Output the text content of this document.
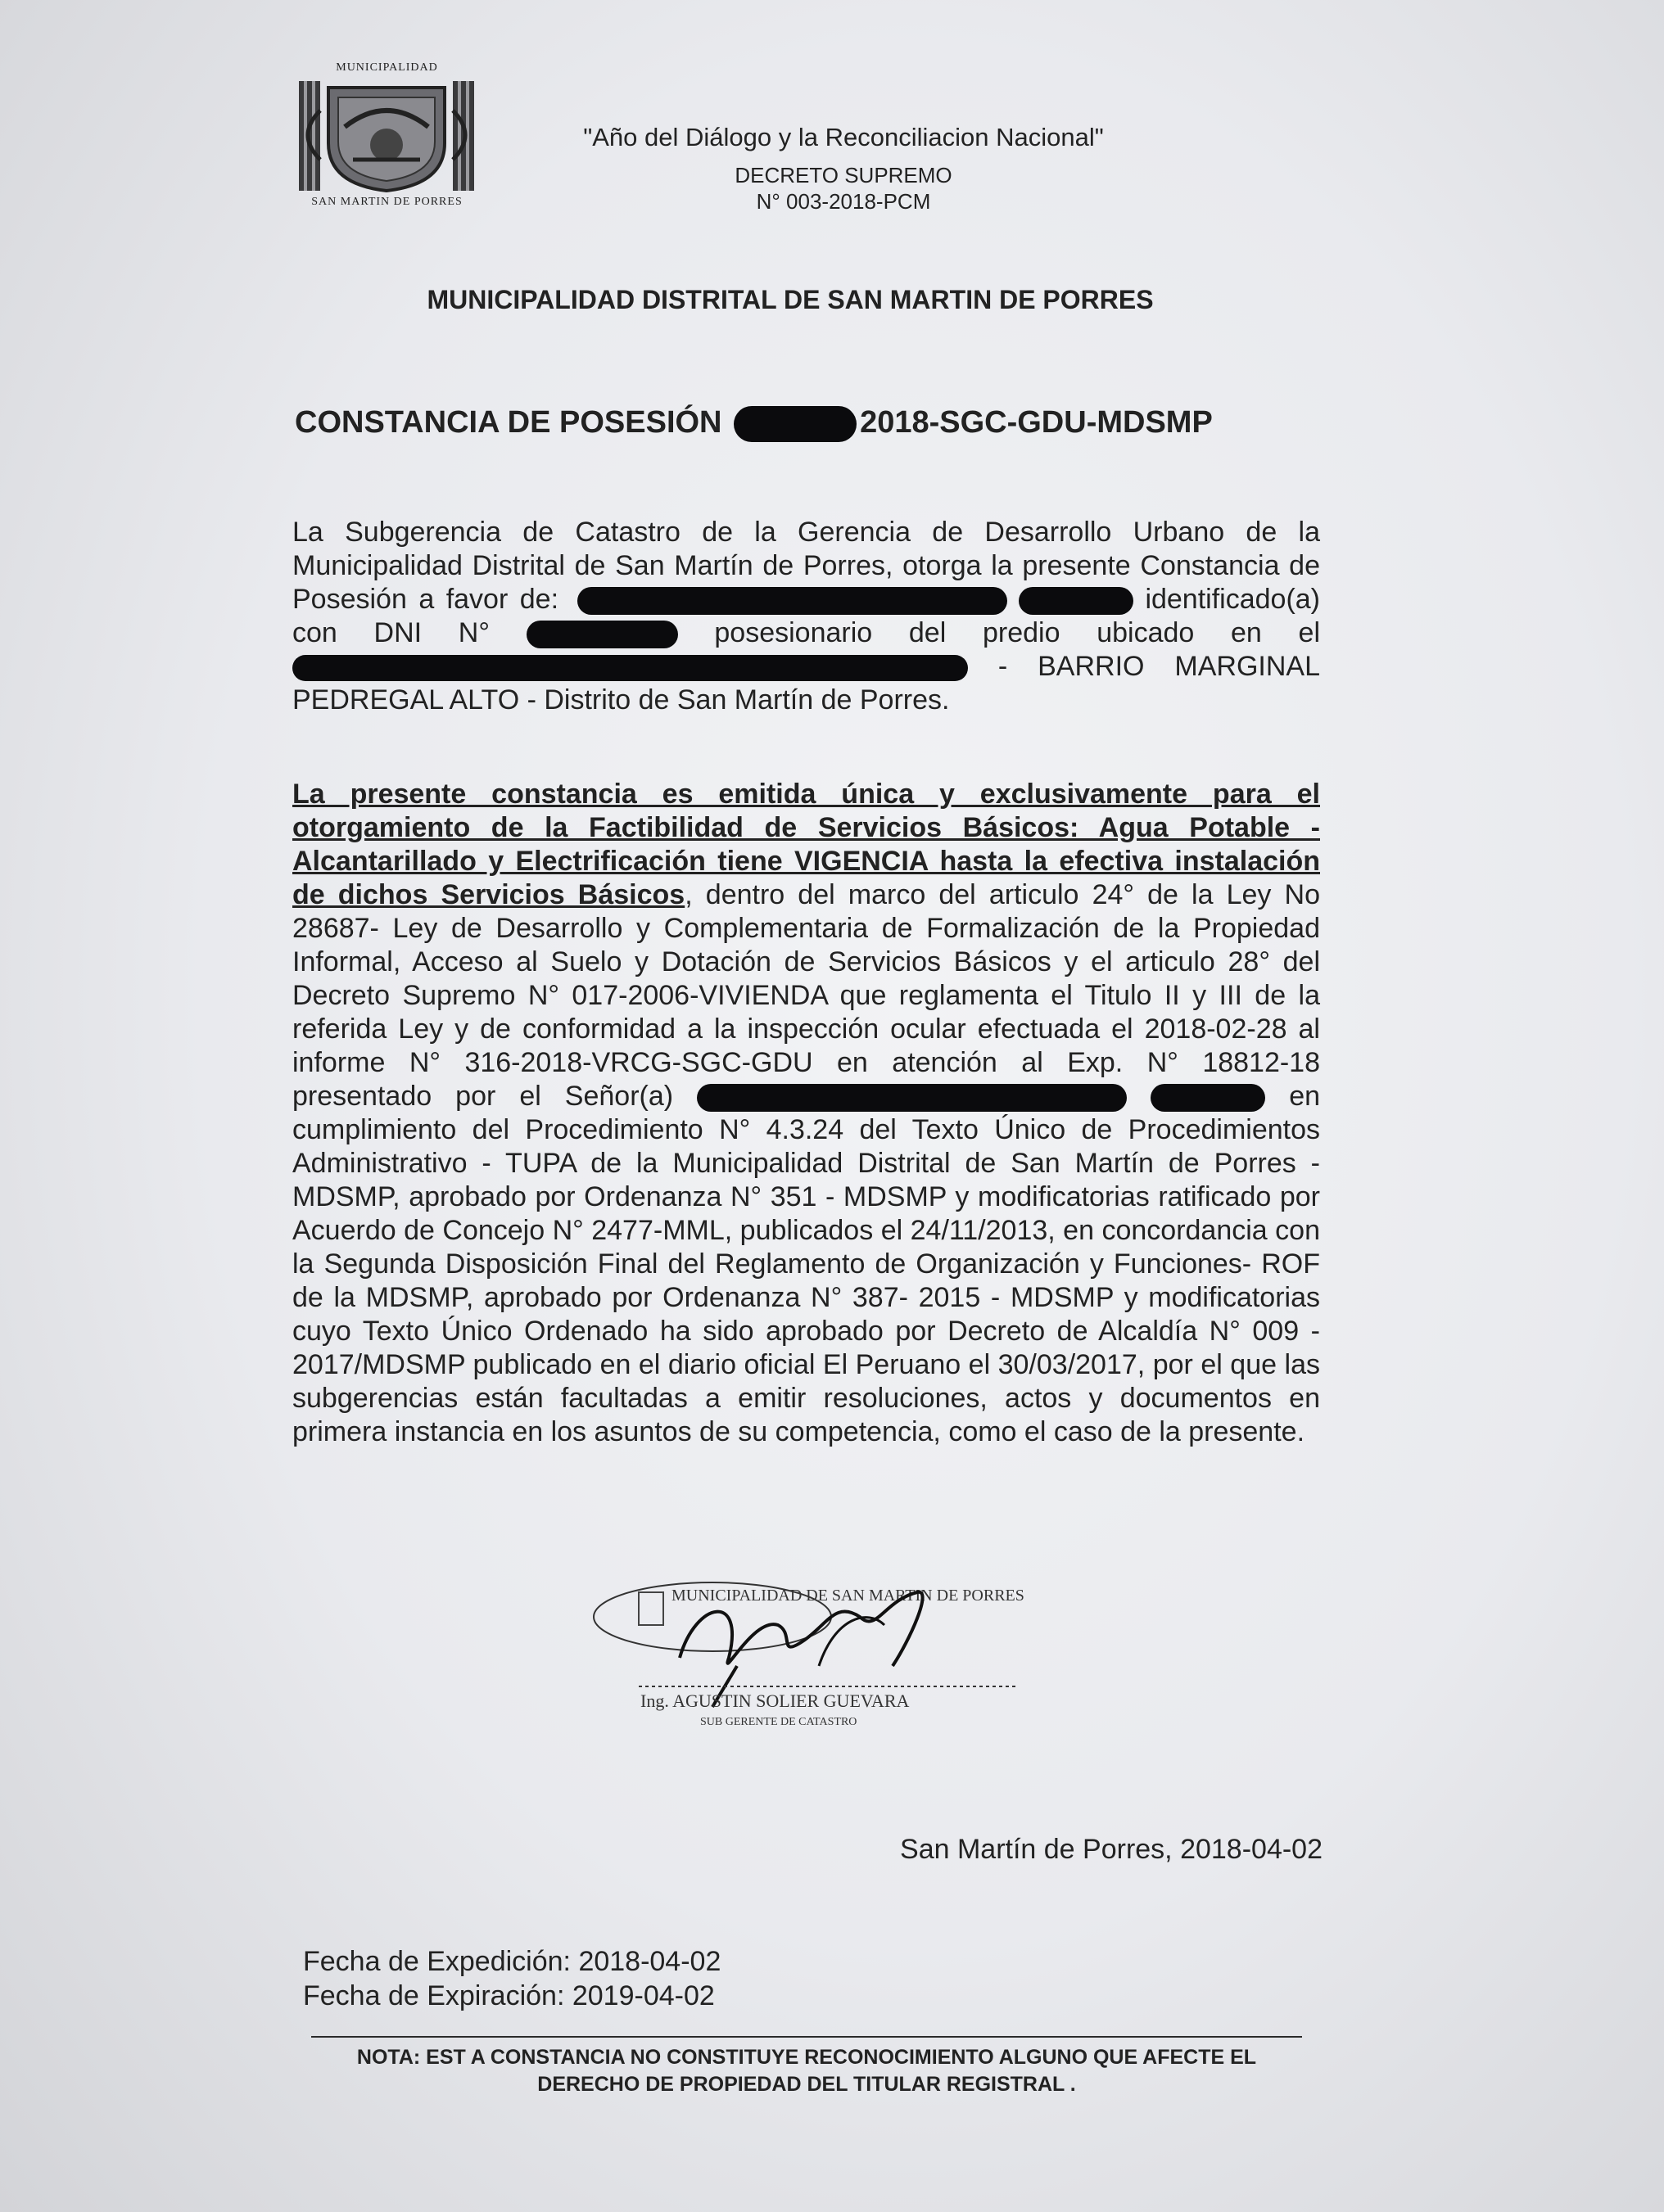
MUNICIPALIDAD
SAN MARTIN DE PORRES
"Año del Diálogo y la Reconciliacion Nacional"
DECRETO SUPREMO
N° 003-2018-PCM
MUNICIPALIDAD DISTRITAL DE SAN MARTIN DE PORRES
CONSTANCIA DE POSESIÓN	2018-SGC-GDU-MDSMP
La Subgerencia de Catastro de la Gerencia de Desarrollo Urbano de la Municipalidad Distrital de San Martín de Porres, otorga la presente Constancia de Posesión a favor de:	identificado(a) con DNI N°	posesionario del predio ubicado en el  - BARRIO MARGINAL PEDREGAL ALTO - Distrito de San Martín de Porres.
La presente constancia es emitida única y exclusivamente para el otorgamiento de la Factibilidad de Servicios Básicos: Agua Potable - Alcantarillado y Electrificación tiene VIGENCIA hasta la efectiva instalación de dichos Servicios Básicos, dentro del marco del articulo 24° de la Ley No 28687- Ley de Desarrollo y Complementaria de Formalización de la Propiedad Informal, Acceso al Suelo y Dotación de Servicios Básicos y el articulo 28° del Decreto Supremo N° 017-2006-VIVIENDA que reglamenta el Titulo II y III de la referida Ley y de conformidad a la inspección ocular efectuada el 2018-02-28 al informe N° 316-2018-VRCG-SGC-GDU en atención al Exp. N° 18812-18 presentado por el Señor(a)	en cumplimiento del Procedimiento N° 4.3.24 del Texto Único de Procedimientos Administrativo - TUPA de la Municipalidad Distrital de San Martín de Porres - MDSMP, aprobado por Ordenanza N° 351 - MDSMP y modificatorias ratificado por Acuerdo de Concejo N° 2477-MML, publicados el 24/11/2013, en concordancia con la Segunda Disposición Final del Reglamento de Organización y Funciones- ROF de la MDSMP, aprobado por Ordenanza N° 387- 2015 - MDSMP y modificatorias cuyo Texto Único Ordenado ha sido aprobado por Decreto de Alcaldía N° 009 - 2017/MDSMP publicado en el diario oficial El Peruano el 30/03/2017, por el que las subgerencias están facultadas a emitir resoluciones, actos y documentos en primera instancia en los asuntos de su competencia, como el caso de la presente.
MUNICIPALIDAD DE SAN MARTIN DE PORRES
Ing. AGUSTIN SOLIER GUEVARA
SUB GERENTE DE CATASTRO
San Martín de Porres, 2018-04-02
Fecha de Expedición: 2018-04-02
Fecha de Expiración: 2019-04-02
NOTA: EST A CONSTANCIA NO CONSTITUYE RECONOCIMIENTO ALGUNO QUE AFECTE EL
DERECHO DE PROPIEDAD DEL TITULAR REGISTRAL .
